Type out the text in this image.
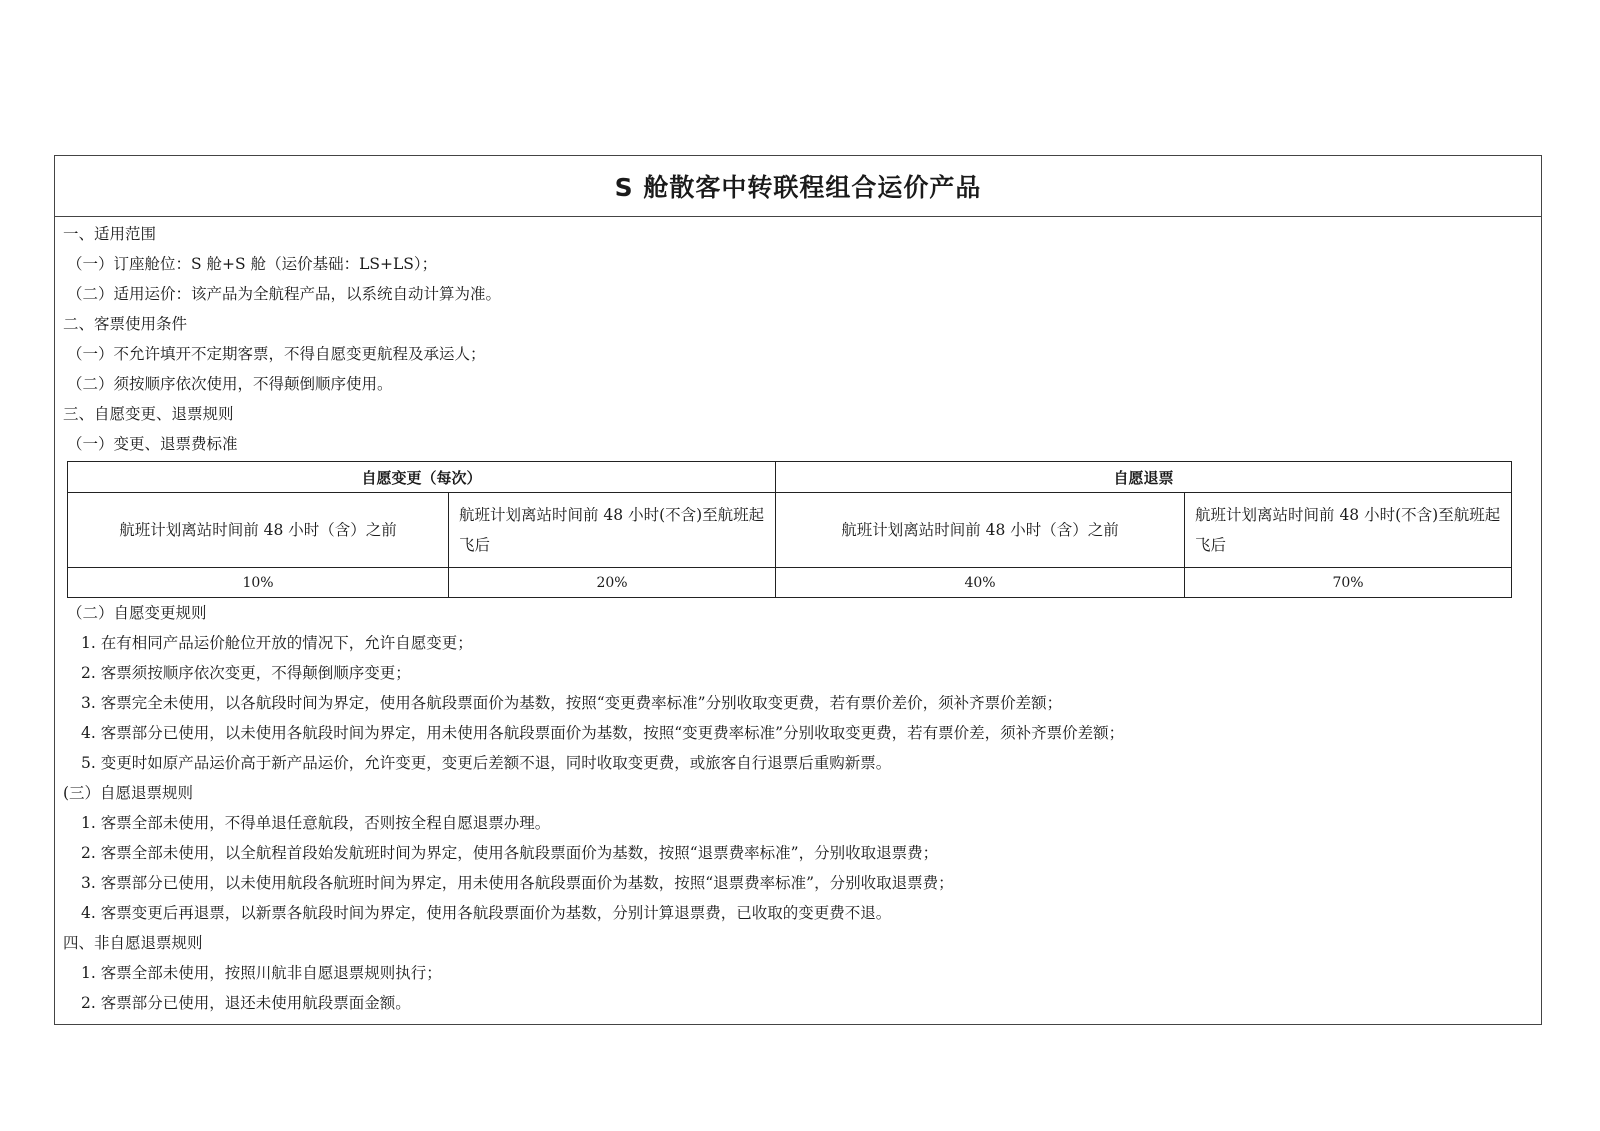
S 舱散客中转联程组合运价产品
一、适用范围
（一）订座舱位：S 舱+S 舱（运价基础：LS+LS）；
（二）适用运价：该产品为全航程产品，以系统自动计算为准。
二、客票使用条件
（一）不允许填开不定期客票，不得自愿变更航程及承运人；
（二）须按顺序依次使用，不得颠倒顺序使用。
三、自愿变更、退票规则
（一）变更、退票费标准
自愿变更（每次）		自愿退票	
航班计划离站时间前 48 小时（含）之前	航班计划离站时间前 48 小时(不含)至航班起飞后	航班计划离站时间前 48 小时（含）之前	航班计划离站时间前 48 小时(不含)至航班起飞后
10%	20%	40%	70%
（二）自愿变更规则
1. 在有相同产品运价舱位开放的情况下，允许自愿变更；
2. 客票须按顺序依次变更，不得颠倒顺序变更；
3. 客票完全未使用，以各航段时间为界定，使用各航段票面价为基数，按照“变更费率标准”分别收取变更费，若有票价差价，须补齐票价差额；
4. 客票部分已使用，以未使用各航段时间为界定，用未使用各航段票面价为基数，按照“变更费率标准”分别收取变更费，若有票价差，须补齐票价差额；
5. 变更时如原产品运价高于新产品运价，允许变更，变更后差额不退，同时收取变更费，或旅客自行退票后重购新票。
(三）自愿退票规则
1. 客票全部未使用，不得单退任意航段，否则按全程自愿退票办理。
2. 客票全部未使用，以全航程首段始发航班时间为界定，使用各航段票面价为基数，按照“退票费率标准”，分别收取退票费；
3. 客票部分已使用，以未使用航段各航班时间为界定，用未使用各航段票面价为基数，按照“退票费率标准”，分别收取退票费；
4. 客票变更后再退票，以新票各航段时间为界定，使用各航段票面价为基数，分别计算退票费，已收取的变更费不退。
四、非自愿退票规则
1. 客票全部未使用，按照川航非自愿退票规则执行；
2. 客票部分已使用，退还未使用航段票面金额。
